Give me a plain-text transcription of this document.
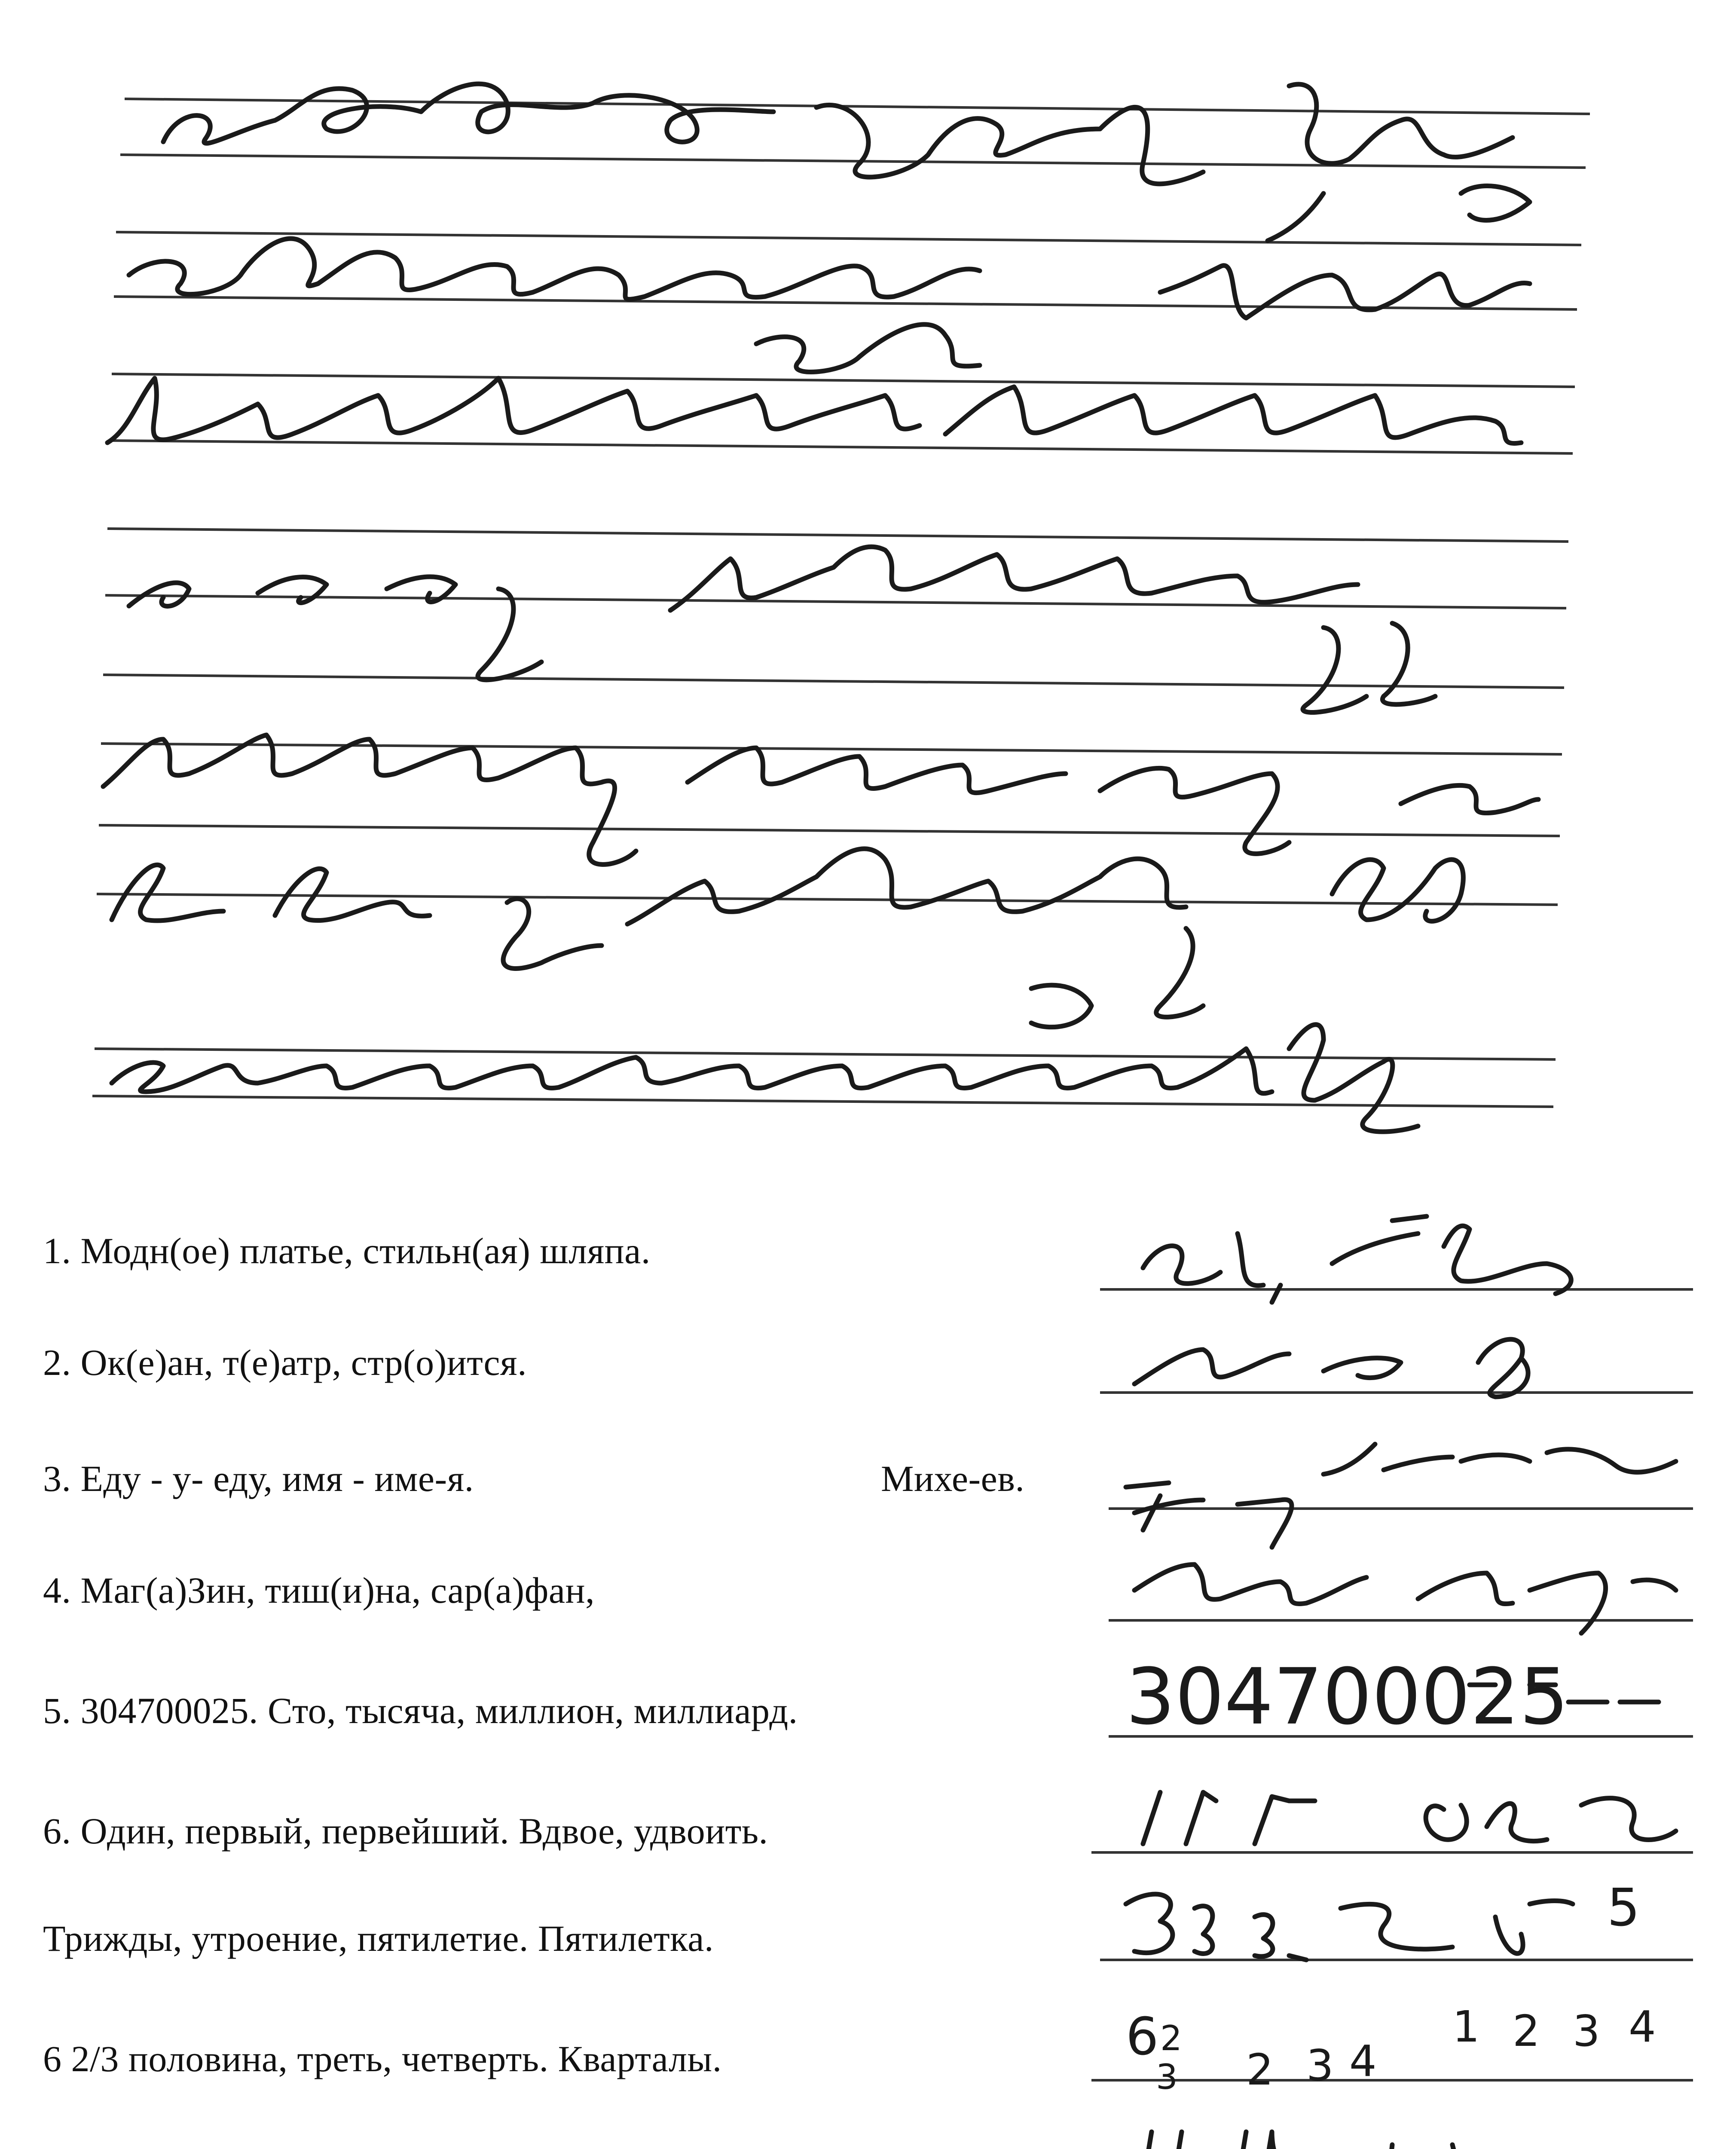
1. Модн(ое) платье, стильн(ая) шляпа.
2. Ок(е)ан, т(е)атр, стр(о)ится.
3. Еду - у- еду, имя - име-я.	Михе-ев.
4. Маг(а)Зин, тиш(и)на, сар(а)фан,
5. 304700025. Сто, тысяча, миллион, миллиард.
6. Один, первый, первейший. Вдвое, удвоить.
Трижды, утроение, пятилетие. Пятилетка.
6 2/3 половина, треть, четверть. Кварталы.
304700025
5
6 2
3 2 3 4
1 2 3 4
